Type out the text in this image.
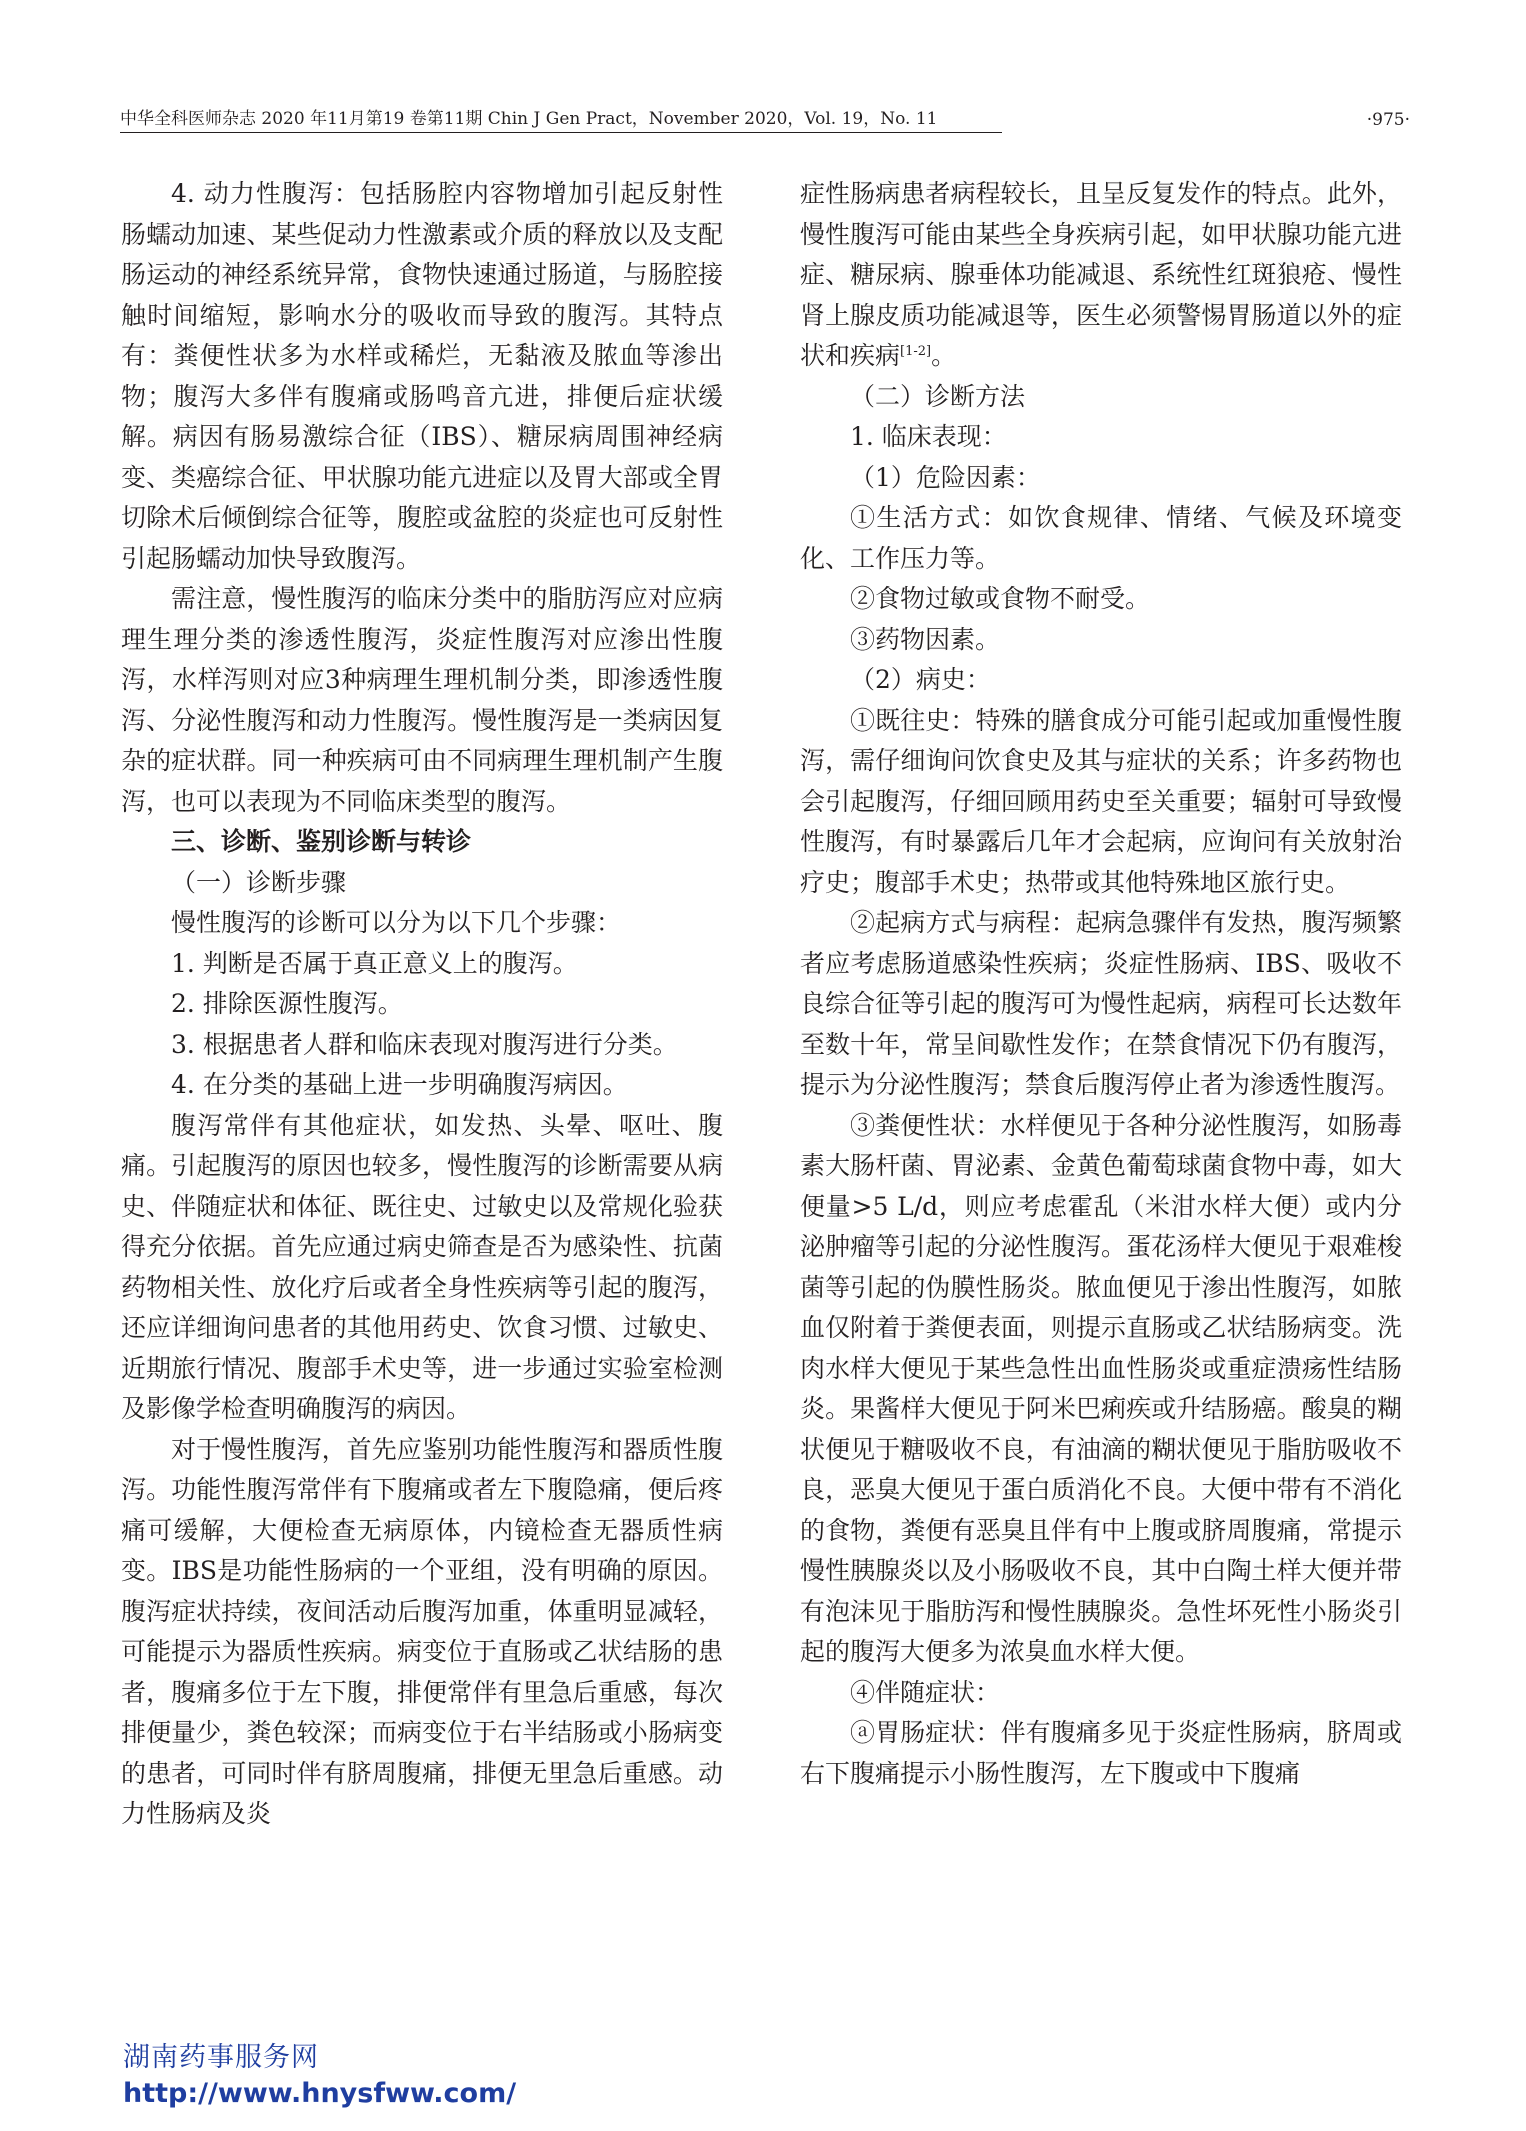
中华全科医师杂志 2020 年11月第19 卷第11期 Chin J Gen Pract，November 2020，Vol. 19，No. 11	·975·

4. 动力性腹泻：包括肠腔内容物增加引起反射性肠蠕动加速、某些促动力性激素或介质的释放以及支配肠运动的神经系统异常，食物快速通过肠道，与肠腔接触时间缩短，影响水分的吸收而导致的腹泻。其特点有：粪便性状多为水样或稀烂，无黏液及脓血等渗出物；腹泻大多伴有腹痛或肠鸣音亢进，排便后症状缓解。病因有肠易激综合征（IBS）、糖尿病周围神经病变、类癌综合征、甲状腺功能亢进症以及胃大部或全胃切除术后倾倒综合征等，腹腔或盆腔的炎症也可反射性引起肠蠕动加快导致腹泻。

需注意，慢性腹泻的临床分类中的脂肪泻应对应病理生理分类的渗透性腹泻，炎症性腹泻对应渗出性腹泻，水样泻则对应3种病理生理机制分类，即渗透性腹泻、分泌性腹泻和动力性腹泻。慢性腹泻是一类病因复杂的症状群。同一种疾病可由不同病理生理机制产生腹泻，也可以表现为不同临床类型的腹泻。

三、诊断、鉴别诊断与转诊

（一）诊断步骤

慢性腹泻的诊断可以分为以下几个步骤：

1. 判断是否属于真正意义上的腹泻。

2. 排除医源性腹泻。

3. 根据患者人群和临床表现对腹泻进行分类。

4. 在分类的基础上进一步明确腹泻病因。

腹泻常伴有其他症状，如发热、头晕、呕吐、腹痛。引起腹泻的原因也较多，慢性腹泻的诊断需要从病史、伴随症状和体征、既往史、过敏史以及常规化验获得充分依据。首先应通过病史筛查是否为感染性、抗菌药物相关性、放化疗后或者全身性疾病等引起的腹泻，还应详细询问患者的其他用药史、饮食习惯、过敏史、近期旅行情况、腹部手术史等，进一步通过实验室检测及影像学检查明确腹泻的病因。

对于慢性腹泻，首先应鉴别功能性腹泻和器质性腹泻。功能性腹泻常伴有下腹痛或者左下腹隐痛，便后疼痛可缓解，大便检查无病原体，内镜检查无器质性病变。IBS是功能性肠病的一个亚组，没有明确的原因。腹泻症状持续，夜间活动后腹泻加重，体重明显减轻，可能提示为器质性疾病。病变位于直肠或乙状结肠的患者，腹痛多位于左下腹，排便常伴有里急后重感，每次排便量少，粪色较深；而病变位于右半结肠或小肠病变的患者，可同时伴有脐周腹痛，排便无里急后重感。动力性肠病及炎

症性肠病患者病程较长，且呈反复发作的特点。此外，慢性腹泻可能由某些全身疾病引起，如甲状腺功能亢进症、糖尿病、腺垂体功能减退、系统性红斑狼疮、慢性肾上腺皮质功能减退等，医生必须警惕胃肠道以外的症状和疾病[1-2]。

（二）诊断方法

1. 临床表现：

（1）危险因素：

①生活方式：如饮食规律、情绪、气候及环境变化、工作压力等。

②食物过敏或食物不耐受。

③药物因素。

（2）病史：

①既往史：特殊的膳食成分可能引起或加重慢性腹泻，需仔细询问饮食史及其与症状的关系；许多药物也会引起腹泻，仔细回顾用药史至关重要；辐射可导致慢性腹泻，有时暴露后几年才会起病，应询问有关放射治疗史；腹部手术史；热带或其他特殊地区旅行史。

②起病方式与病程：起病急骤伴有发热，腹泻频繁者应考虑肠道感染性疾病；炎症性肠病、IBS、吸收不良综合征等引起的腹泻可为慢性起病，病程可长达数年至数十年，常呈间歇性发作；在禁食情况下仍有腹泻，提示为分泌性腹泻；禁食后腹泻停止者为渗透性腹泻。

③粪便性状：水样便见于各种分泌性腹泻，如肠毒素大肠杆菌、胃泌素、金黄色葡萄球菌食物中毒，如大便量>5 L/d，则应考虑霍乱（米泔水样大便）或内分泌肿瘤等引起的分泌性腹泻。蛋花汤样大便见于艰难梭菌等引起的伪膜性肠炎。脓血便见于渗出性腹泻，如脓血仅附着于粪便表面，则提示直肠或乙状结肠病变。洗肉水样大便见于某些急性出血性肠炎或重症溃疡性结肠炎。果酱样大便见于阿米巴痢疾或升结肠癌。酸臭的糊状便见于糖吸收不良，有油滴的糊状便见于脂肪吸收不良，恶臭大便见于蛋白质消化不良。大便中带有不消化的食物，粪便有恶臭且伴有中上腹或脐周腹痛，常提示慢性胰腺炎以及小肠吸收不良，其中白陶土样大便并带有泡沫见于脂肪泻和慢性胰腺炎。急性坏死性小肠炎引起的腹泻大便多为浓臭血水样大便。

④伴随症状：

ⓐ胃肠症状：伴有腹痛多见于炎症性肠病，脐周或右下腹痛提示小肠性腹泻，左下腹或中下腹痛

湖南药事服务网
http://www.hnysfww.com/
